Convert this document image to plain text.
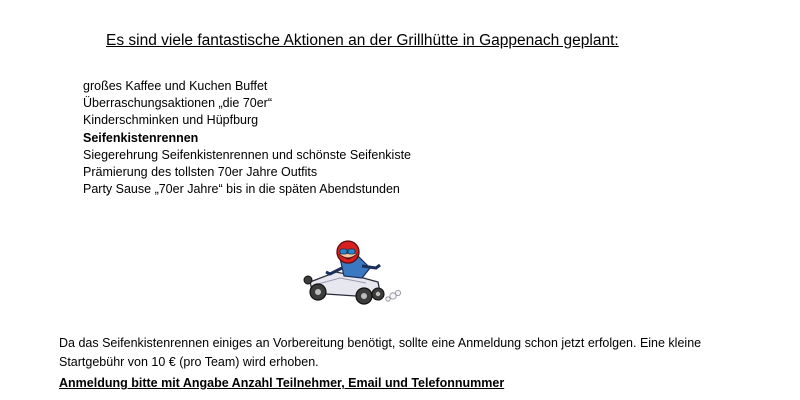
Es sind viele fantastische Aktionen an der Grillhütte in Gappenach geplant:
großes Kaffee und Kuchen Buffet
Überraschungsaktionen „die 70er“
Kinderschminken und Hüpfburg
Seifenkistenrennen
Siegerehrung Seifenkistenrennen und schönste Seifenkiste
Prämierung des tollsten 70er Jahre Outfits
Party Sause „70er Jahre“ bis in die späten Abendstunden

Da das Seifenkistenrennen einiges an Vorbereitung benötigt, sollte eine Anmeldung schon jetzt erfolgen. Eine kleine Startgebühr von 10 € (pro Team) wird erhoben.

Anmeldung bitte mit Angabe Anzahl Teilnehmer, Email und Telefonnummer
